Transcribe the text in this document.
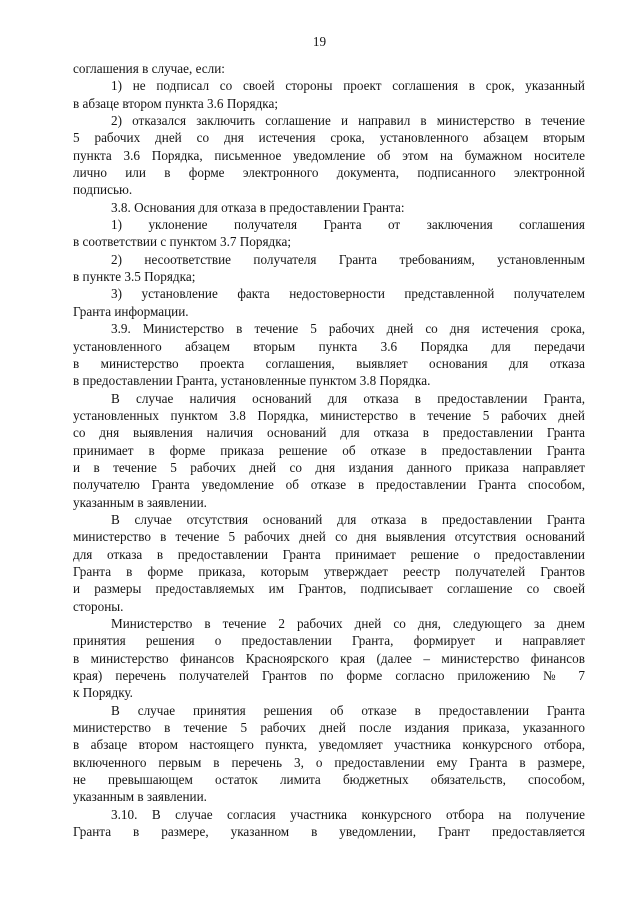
19
соглашения в случае, если:
1) не подписал со своей стороны проект соглашения в срок, указанный
в абзаце втором пункта 3.6 Порядка;
2) отказался заключить соглашение и направил в министерство в течение
5 рабочих дней со дня истечения срока, установленного абзацем вторым
пункта 3.6 Порядка, письменное уведомление об этом на бумажном носителе
лично или в форме электронного документа, подписанного электронной
подписью.
3.8. Основания для отказа в предоставлении Гранта:
1) уклонение получателя Гранта от заключения соглашения
в соответствии с пунктом 3.7 Порядка;
2) несоответствие получателя Гранта требованиям, установленным
в пункте 3.5 Порядка;
3) установление факта недостоверности представленной получателем
Гранта информации.
3.9. Министерство в течение 5 рабочих дней со дня истечения срока,
установленного абзацем вторым пункта 3.6 Порядка для передачи
в министерство проекта соглашения, выявляет основания для отказа
в предоставлении Гранта, установленные пунктом 3.8 Порядка.
В случае наличия оснований для отказа в предоставлении Гранта,
установленных пунктом 3.8 Порядка, министерство в течение 5 рабочих дней
со дня выявления наличия оснований для отказа в предоставлении Гранта
принимает в форме приказа решение об отказе в предоставлении Гранта
и в течение 5 рабочих дней со дня издания данного приказа направляет
получателю Гранта уведомление об отказе в предоставлении Гранта способом,
указанным в заявлении.
В случае отсутствия оснований для отказа в предоставлении Гранта
министерство в течение 5 рабочих дней со дня выявления отсутствия оснований
для отказа в предоставлении Гранта принимает решение о предоставлении
Гранта в форме приказа, которым утверждает реестр получателей Грантов
и размеры предоставляемых им Грантов, подписывает соглашение со своей
стороны.
Министерство в течение 2 рабочих дней со дня, следующего за днем
принятия решения о предоставлении Гранта, формирует и направляет
в министерство финансов Красноярского края (далее – министерство финансов
края) перечень получателей Грантов по форме согласно приложению № 7
к Порядку.
В случае принятия решения об отказе в предоставлении Гранта
министерство в течение 5 рабочих дней после издания приказа, указанного
в абзаце втором настоящего пункта, уведомляет участника конкурсного отбора,
включенного первым в перечень 3, о предоставлении ему Гранта в размере,
не превышающем остаток лимита бюджетных обязательств, способом,
указанным в заявлении.
3.10. В случае согласия участника конкурсного отбора на получение
Гранта в размере, указанном в уведомлении, Грант предоставляется
